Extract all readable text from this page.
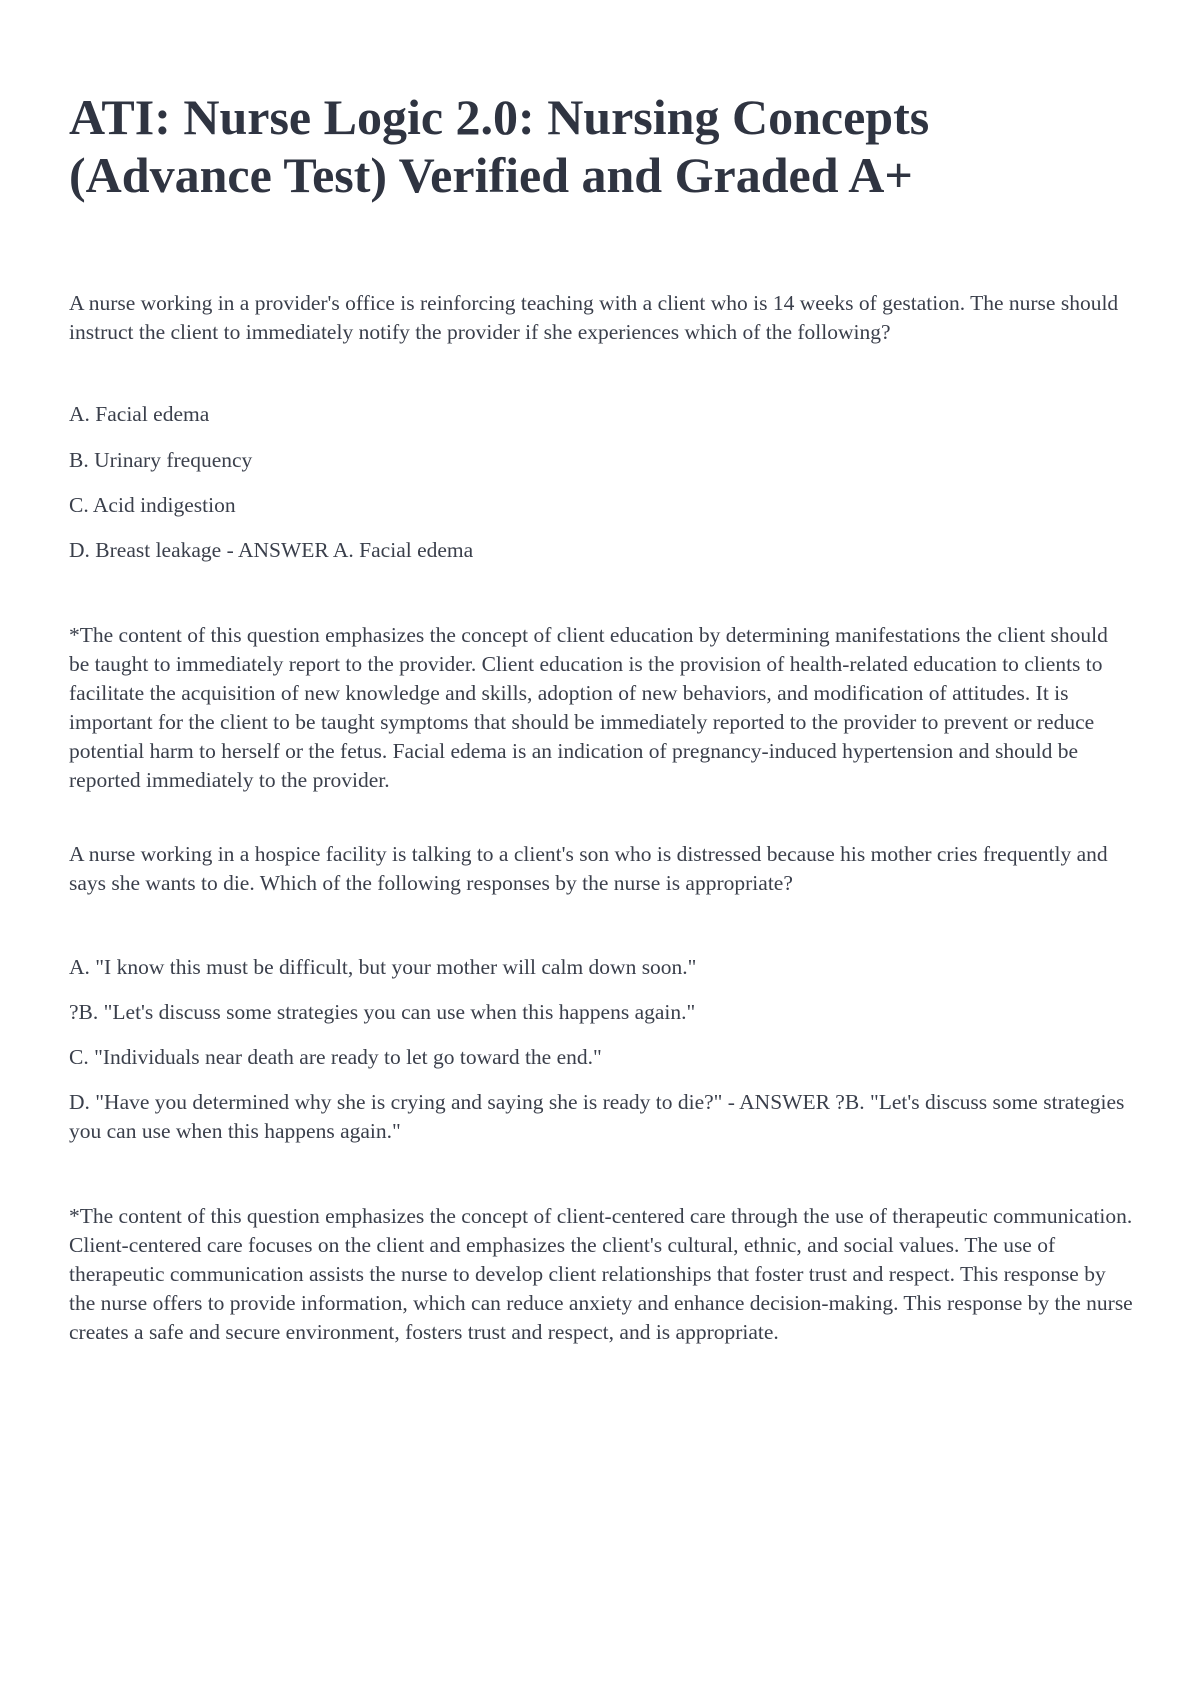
ATI: Nurse Logic 2.0: Nursing Concepts (Advance Test) Verified and Graded A+

A nurse working in a provider's office is reinforcing teaching with a client who is 14 weeks of gestation. The nurse should instruct the client to immediately notify the provider if she experiences which of the following?

A. Facial edema

B. Urinary frequency

C. Acid indigestion

D. Breast leakage - ANSWER A. Facial edema

*The content of this question emphasizes the concept of client education by determining manifestations the client should be taught to immediately report to the provider. Client education is the provision of health-related education to clients to facilitate the acquisition of new knowledge and skills, adoption of new behaviors, and modification of attitudes. It is important for the client to be taught symptoms that should be immediately reported to the provider to prevent or reduce potential harm to herself or the fetus. Facial edema is an indication of pregnancy-induced hypertension and should be reported immediately to the provider.

A nurse working in a hospice facility is talking to a client's son who is distressed because his mother cries frequently and says she wants to die. Which of the following responses by the nurse is appropriate?

A. "I know this must be difficult, but your mother will calm down soon."

?B. "Let's discuss some strategies you can use when this happens again."

C. "Individuals near death are ready to let go toward the end."

D. "Have you determined why she is crying and saying she is ready to die?" - ANSWER ?B. "Let's discuss some strategies you can use when this happens again."

*The content of this question emphasizes the concept of client-centered care through the use of therapeutic communication. Client-centered care focuses on the client and emphasizes the client's cultural, ethnic, and social values. The use of therapeutic communication assists the nurse to develop client relationships that foster trust and respect. This response by the nurse offers to provide information, which can reduce anxiety and enhance decision-making. This response by the nurse creates a safe and secure environment, fosters trust and respect, and is appropriate.
